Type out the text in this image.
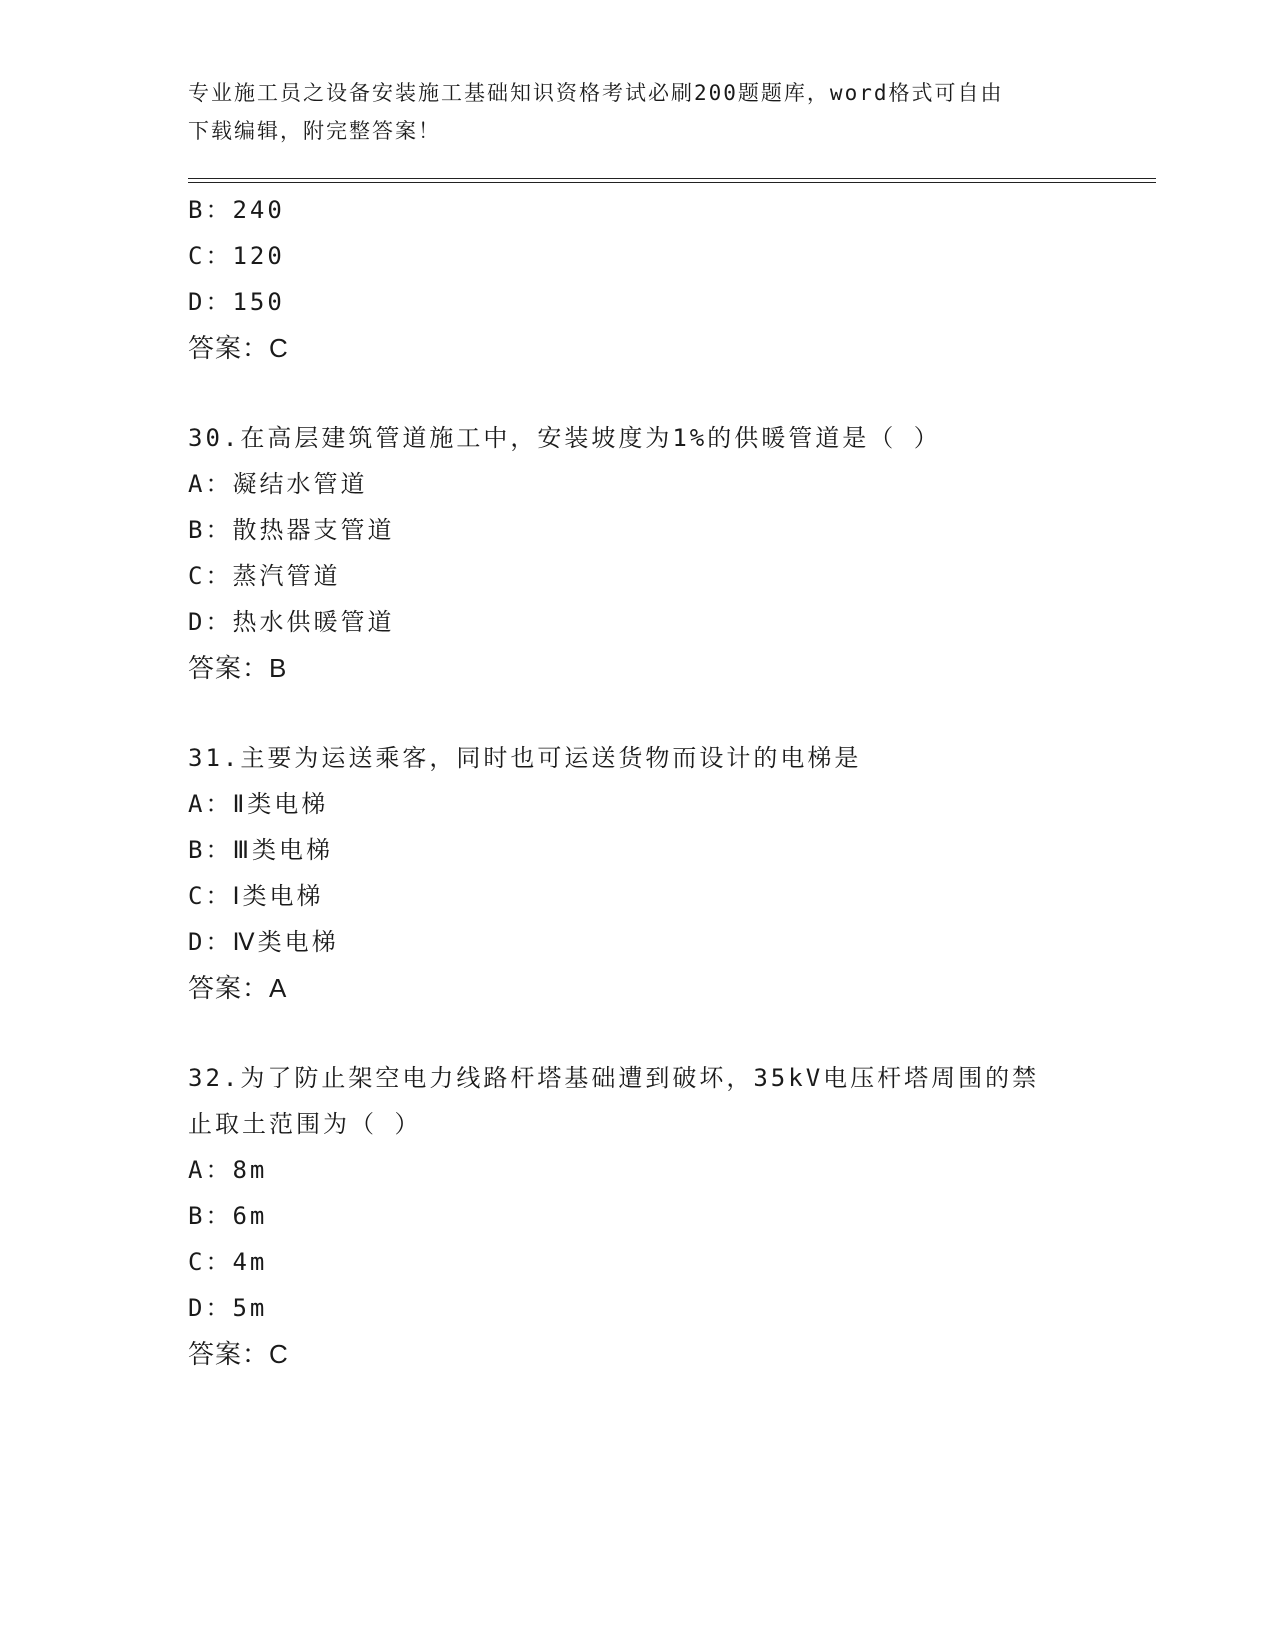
专业施工员之设备安装施工基础知识资格考试必刷200题题库，word格式可自由
下载编辑，附完整答案！
B：240
C：120
D：150
答案：C
30.在高层建筑管道施工中，安装坡度为1%的供暖管道是（ ）
A：凝结水管道
B：散热器支管道
C：蒸汽管道
D：热水供暖管道
答案：B
31.主要为运送乘客，同时也可运送货物而设计的电梯是
A：Ⅱ类电梯
B：Ⅲ类电梯
C：Ⅰ类电梯
D：Ⅳ类电梯
答案：A
32.为了防止架空电力线路杆塔基础遭到破坏，35kV电压杆塔周围的禁
止取土范围为（ ）
A：8m
B：6m
C：4m
D：5m
答案：C
